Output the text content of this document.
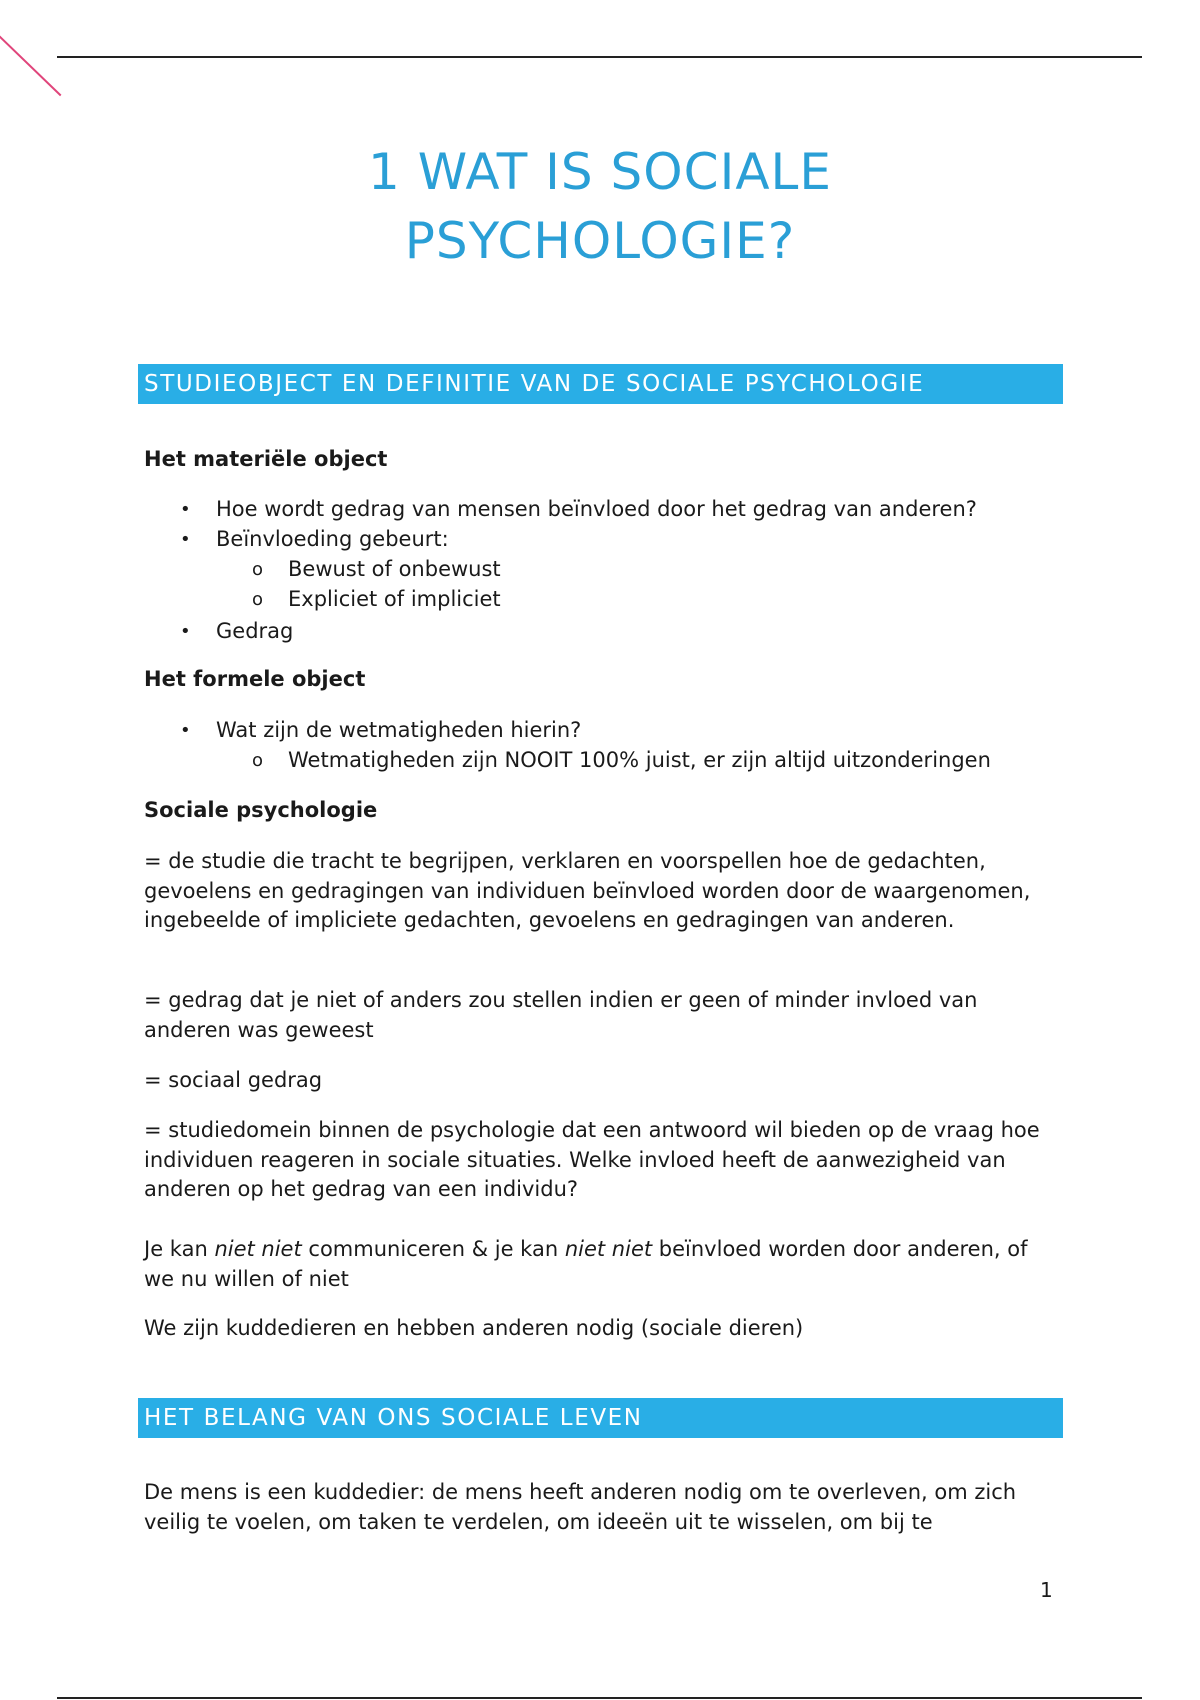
1 WAT IS SOCIALE
PSYCHOLOGIE?
STUDIEOBJECT EN DEFINITIE VAN DE SOCIALE PSYCHOLOGIE
Het materiële object
• Hoe wordt gedrag van mensen beïnvloed door het gedrag van anderen?
• Beïnvloeding gebeurt:
o Bewust of onbewust
o Expliciet of impliciet
• Gedrag
Het formele object
• Wat zijn de wetmatigheden hierin?
o Wetmatigheden zijn NOOIT 100% juist, er zijn altijd uitzonderingen
Sociale psychologie
= de studie die tracht te begrijpen, verklaren en voorspellen hoe de gedachten, gevoelens en gedragingen van individuen beïnvloed worden door de waargenomen, ingebeelde of impliciete gedachten, gevoelens en gedragingen van anderen.
= gedrag dat je niet of anders zou stellen indien er geen of minder invloed van anderen was geweest
= sociaal gedrag
= studiedomein binnen de psychologie dat een antwoord wil bieden op de vraag hoe individuen reageren in sociale situaties. Welke invloed heeft de aanwezigheid van anderen op het gedrag van een individu?
Je kan niet niet communiceren & je kan niet niet beïnvloed worden door anderen, of we nu willen of niet
We zijn kuddedieren en hebben anderen nodig (sociale dieren)
HET BELANG VAN ONS SOCIALE LEVEN
De mens is een kuddedier: de mens heeft anderen nodig om te overleven, om zich veilig te voelen, om taken te verdelen, om ideeën uit te wisselen, om bij te
1
